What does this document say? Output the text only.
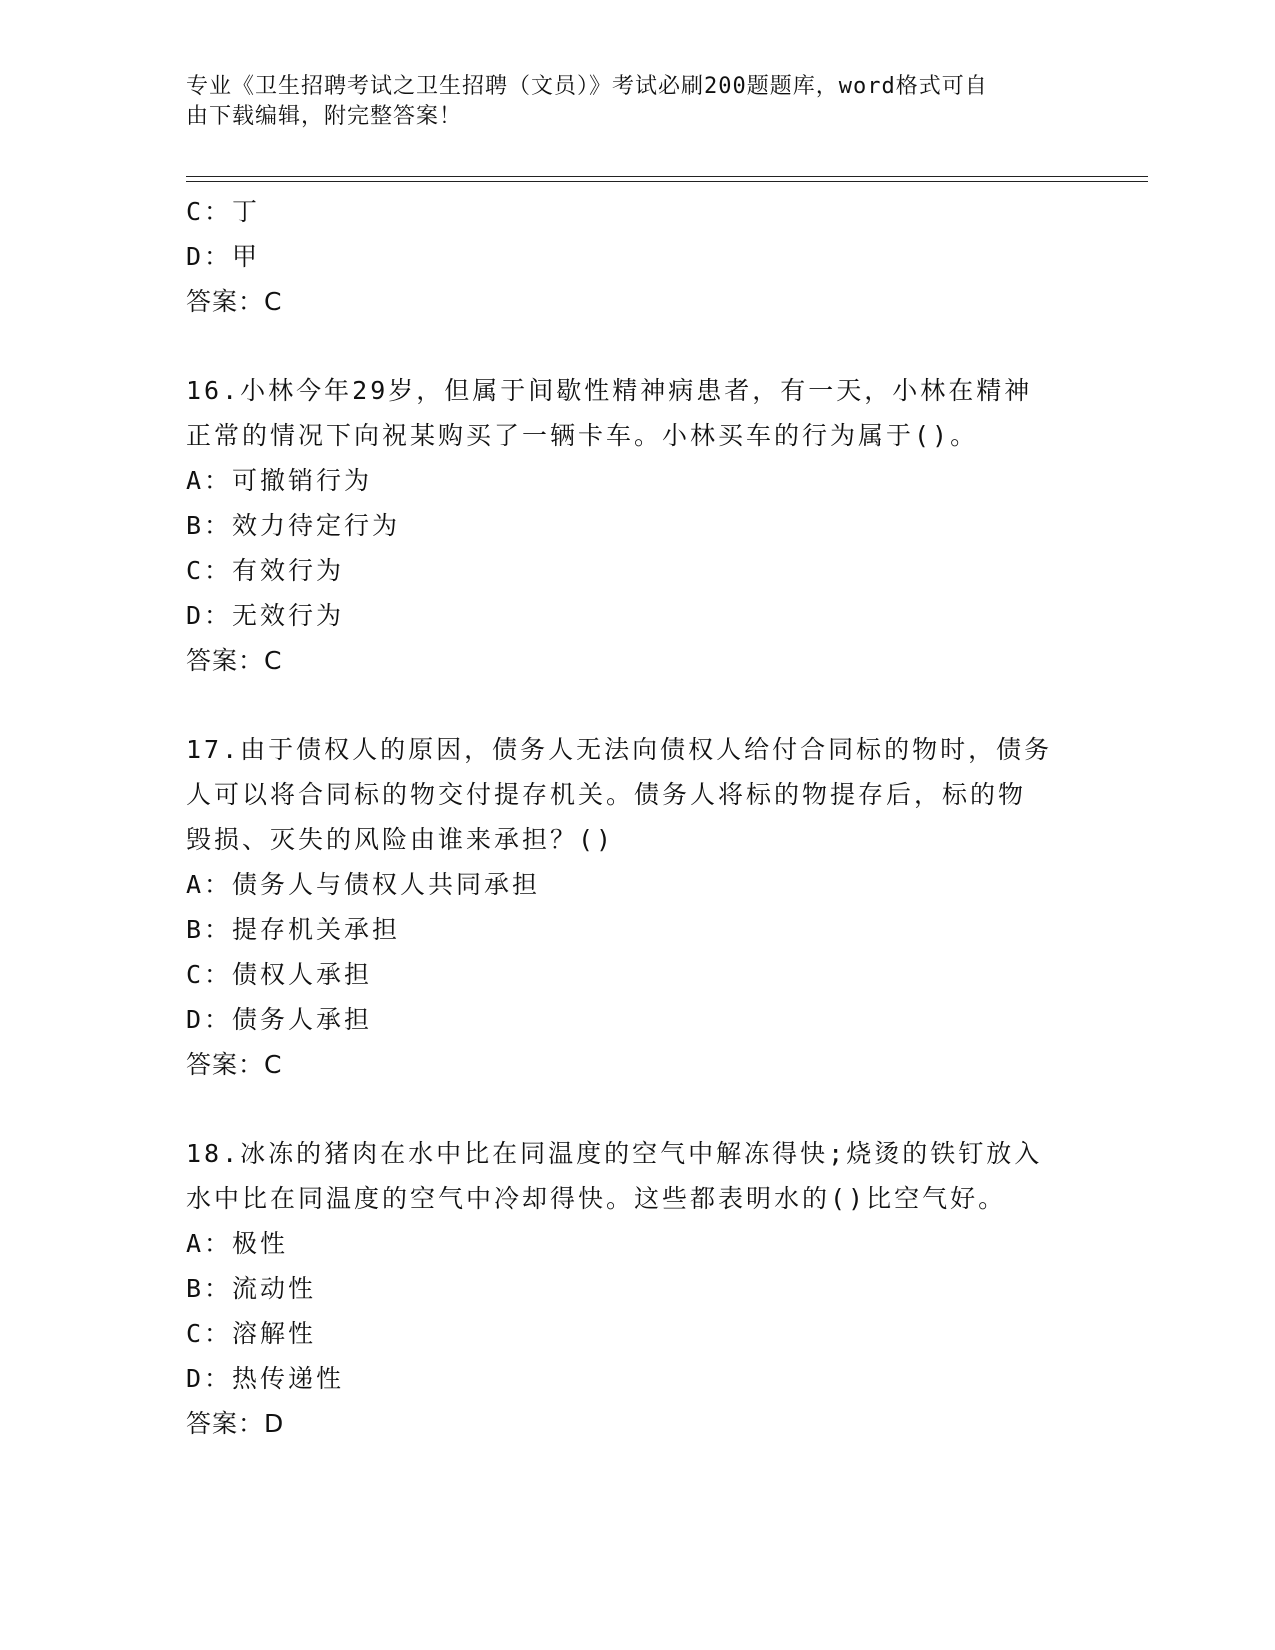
专业《卫生招聘考试之卫生招聘（文员）》考试必刷200题题库，word格式可自
由下载编辑，附完整答案！
C：丁
D：甲
答案：C
16.小林今年29岁，但属于间歇性精神病患者，有一天，小林在精神
正常的情况下向祝某购买了一辆卡车。小林买车的行为属于()。
A：可撤销行为
B：效力待定行为
C：有效行为
D：无效行为
答案：C
17.由于债权人的原因，债务人无法向债权人给付合同标的物时，债务
人可以将合同标的物交付提存机关。债务人将标的物提存后，标的物
毁损、灭失的风险由谁来承担？()
A：债务人与债权人共同承担
B：提存机关承担
C：债权人承担
D：债务人承担
答案：C
18.冰冻的猪肉在水中比在同温度的空气中解冻得快;烧烫的铁钉放入
水中比在同温度的空气中冷却得快。这些都表明水的()比空气好。
A：极性
B：流动性
C：溶解性
D：热传递性
答案：D
